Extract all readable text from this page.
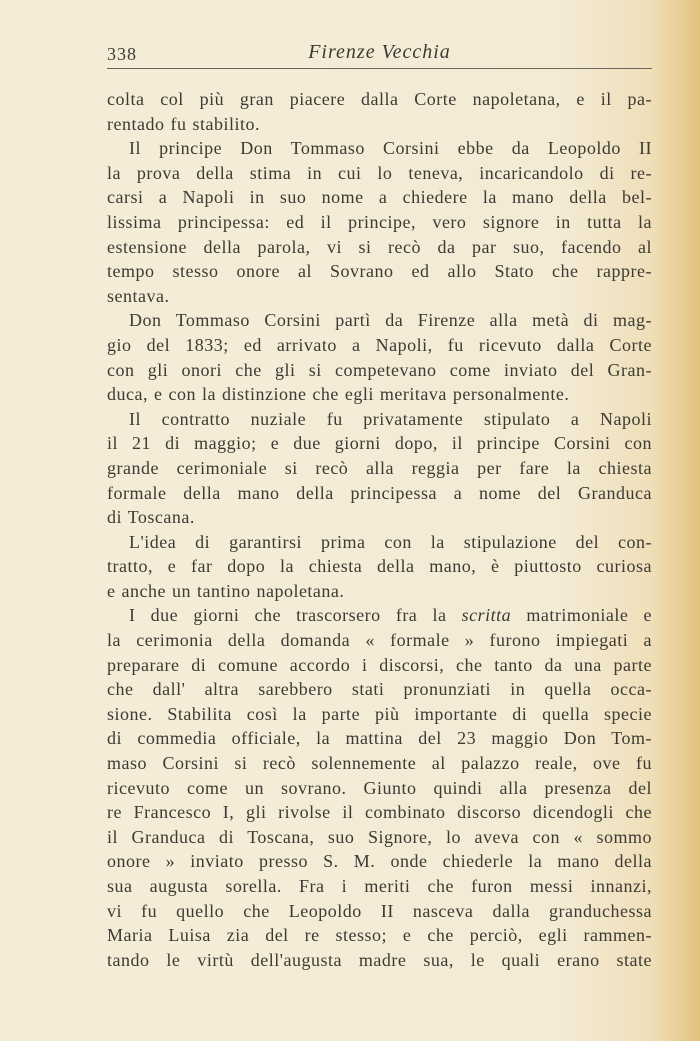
338	Firenze Vecchia
colta col più gran piacere dalla Corte napoletana, e il pa-
rentado fu stabilito.
Il principe Don Tommaso Corsini ebbe da Leopoldo II
la prova della stima in cui lo teneva, incaricandolo di re-
carsi a Napoli in suo nome a chiedere la mano della bel-
lissima principessa: ed il principe, vero signore in tutta la
estensione della parola, vi si recò da par suo, facendo al
tempo stesso onore al Sovrano ed allo Stato che rappre-
sentava.
Don Tommaso Corsini partì da Firenze alla metà di mag-
gio del 1833; ed arrivato a Napoli, fu ricevuto dalla Corte
con gli onori che gli si competevano come inviato del Gran-
duca, e con la distinzione che egli meritava personalmente.
Il contratto nuziale fu privatamente stipulato a Napoli
il 21 di maggio; e due giorni dopo, il principe Corsini con
grande cerimoniale si recò alla reggia per fare la chiesta
formale della mano della principessa a nome del Granduca
di Toscana.
L'idea di garantirsi prima con la stipulazione del con-
tratto, e far dopo la chiesta della mano, è piuttosto curiosa
e anche un tantino napoletana.
I due giorni che trascorsero fra la scritta matrimoniale e
la cerimonia della domanda « formale » furono impiegati a
preparare di comune accordo i discorsi, che tanto da una parte
che dall' altra sarebbero stati pronunziati in quella occa-
sione. Stabilita così la parte più importante di quella specie
di commedia officiale, la mattina del 23 maggio Don Tom-
maso Corsini si recò solennemente al palazzo reale, ove fu
ricevuto come un sovrano. Giunto quindi alla presenza del
re Francesco I, gli rivolse il combinato discorso dicendogli che
il Granduca di Toscana, suo Signore, lo aveva con « sommo
onore » inviato presso S. M. onde chiederle la mano della
sua augusta sorella. Fra i meriti che furon messi innanzi,
vi fu quello che Leopoldo II nasceva dalla granduchessa
Maria Luisa zia del re stesso; e che perciò, egli rammen-
tando le virtù dell'augusta madre sua, le quali erano state
